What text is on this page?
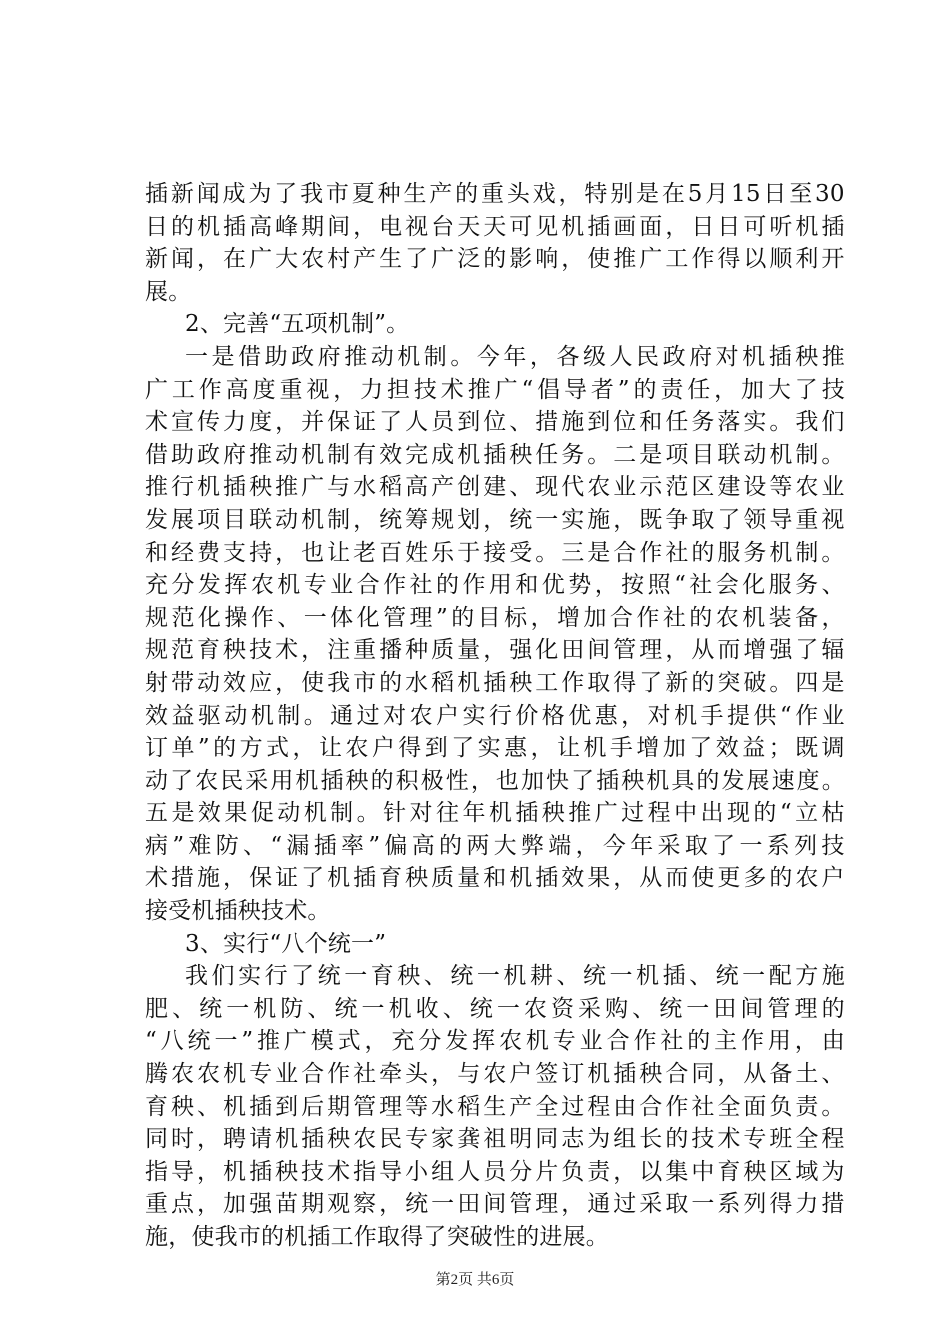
插 新 闻 成 为 了 我 市 夏 种 生 产 的 重 头 戏 ， 特 别 是 在 5 月 15 日 至 30
日 的 机 插 高 峰 期 间 ， 电 视 台 天 天 可 见 机 插 画 面 ， 日 日 可 听 机 插
新 闻 ， 在 广 大 农 村 产 生 了 广 泛 的 影 响 ， 使 推 广 工 作 得 以 顺 利 开
展。
2、完善“五项机制”。
一 是 借 助 政 府 推 动 机 制 。 今 年 ， 各 级 人 民 政 府 对 机 插 秧 推
广 工 作 高 度 重 视 ， 力 担 技 术 推 广 “ 倡 导 者 ” 的 责 任 ， 加 大 了 技
术 宣 传 力 度 ， 并 保 证 了 人 员 到 位 、 措 施 到 位 和 任 务 落 实 。 我 们
借 助 政 府 推 动 机 制 有 效 完 成 机 插 秧 任 务 。 二 是 项 目 联 动 机 制 。
推 行 机 插 秧 推 广 与 水 稻 高 产 创 建 、 现 代 农 业 示 范 区 建 设 等 农 业
发 展 项 目 联 动 机 制 ， 统 筹 规 划 ， 统 一 实 施 ， 既 争 取 了 领 导 重 视
和 经 费 支 持 ， 也 让 老 百 姓 乐 于 接 受 。 三 是 合 作 社 的 服 务 机 制 。
充 分 发 挥 农 机 专 业 合 作 社 的 作 用 和 优 势 ， 按 照 “ 社 会 化 服 务 、
规 范 化 操 作 、 一 体 化 管 理 ” 的 目 标 ， 增 加 合 作 社 的 农 机 装 备 ，
规 范 育 秧 技 术 ， 注 重 播 种 质 量 ， 强 化 田 间 管 理 ， 从 而 增 强 了 辐
射 带 动 效 应 ， 使 我 市 的 水 稻 机 插 秧 工 作 取 得 了 新 的 突 破 。 四 是
效 益 驱 动 机 制 。 通 过 对 农 户 实 行 价 格 优 惠 ， 对 机 手 提 供 “ 作 业
订 单 ” 的 方 式 ， 让 农 户 得 到 了 实 惠 ， 让 机 手 增 加 了 效 益 ； 既 调
动 了 农 民 采 用 机 插 秧 的 积 极 性 ， 也 加 快 了 插 秧 机 具 的 发 展 速 度 。
五 是 效 果 促 动 机 制 。 针 对 往 年 机 插 秧 推 广 过 程 中 出 现 的 “ 立 枯
病 ” 难 防 、 “ 漏 插 率 ” 偏 高 的 两 大 弊 端 ， 今 年 采 取 了 一 系 列 技
术 措 施 ， 保 证 了 机 插 育 秧 质 量 和 机 插 效 果 ， 从 而 使 更 多 的 农 户
接受机插秧技术。
3、实行“八个统一”
我 们 实 行 了 统 一 育 秧 、 统 一 机 耕 、 统 一 机 插 、 统 一 配 方 施
肥 、 统 一 机 防 、 统 一 机 收 、 统 一 农 资 采 购 、 统 一 田 间 管 理 的
“ 八 统 一 ” 推 广 模 式 ， 充 分 发 挥 农 机 专 业 合 作 社 的 主 作 用 ， 由
腾 农 农 机 专 业 合 作 社 牵 头 ， 与 农 户 签 订 机 插 秧 合 同 ， 从 备 土 、
育 秧 、 机 插 到 后 期 管 理 等 水 稻 生 产 全 过 程 由 合 作 社 全 面 负 责 。
同 时 ， 聘 请 机 插 秧 农 民 专 家 龚 祖 明 同 志 为 组 长 的 技 术 专 班 全 程
指 导 ， 机 插 秧 技 术 指 导 小 组 人 员 分 片 负 责 ， 以 集 中 育 秧 区 域 为
重 点 ， 加 强 苗 期 观 察 ， 统 一 田 间 管 理 ， 通 过 采 取 一 系 列 得 力 措
施，使我市的机插工作取得了突破性的进展。
第2页 共6页
